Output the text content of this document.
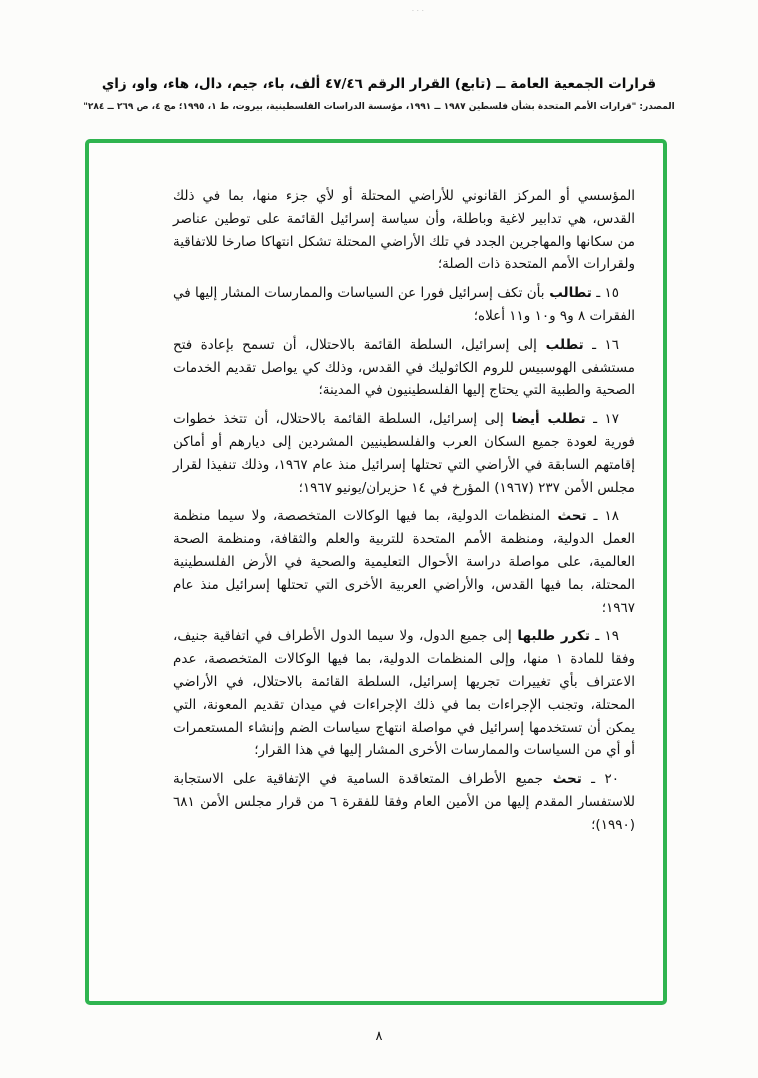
···
قرارات الجمعية العامة ــ (تابع) القرار الرقم ٤٧/٤٦ ألف، باء، جيم، دال، هاء، واو، زاي
المصدر: "قرارات الأمم المتحدة بشأن فلسطين ١٩٨٧ ــ ١٩٩١، مؤسسة الدراسات الفلسطينية، بيروت، ط ١، ١٩٩٥؛ مج ٤، ص ٢٦٩ ــ ٢٨٤"
المؤسسي أو المركز القانوني للأراضي المحتلة أو لأي جزء منها، بما في ذلك القدس، هي تدابير لاغية وباطلة، وأن سياسة إسرائيل القائمة على توطين عناصر من سكانها والمهاجرين الجدد في تلك الأراضي المحتلة تشكل انتهاكا صارخا للاتفاقية ولقرارات الأمم المتحدة ذات الصلة؛
١٥ ـ تطالب بأن تكف إسرائيل فورا عن السياسات والممارسات المشار إليها في الفقرات ٨ و٩ و١٠ و١١ أعلاه؛
١٦ ـ تطلب إلى إسرائيل، السلطة القائمة بالاحتلال، أن تسمح بإعادة فتح مستشفى الهوسبيس للروم الكاثوليك في القدس، وذلك كي يواصل تقديم الخدمات الصحية والطبية التي يحتاج إليها الفلسطينيون في المدينة؛
١٧ ـ تطلب أيضا إلى إسرائيل، السلطة القائمة بالاحتلال، أن تتخذ خطوات فورية لعودة جميع السكان العرب والفلسطينيين المشردين إلى ديارهم أو أماكن إقامتهم السابقة في الأراضي التي تحتلها إسرائيل منذ عام ١٩٦٧، وذلك تنفيذا لقرار مجلس الأمن ٢٣٧ (١٩٦٧) المؤرخ في ١٤ حزيران/يونيو ١٩٦٧؛
١٨ ـ تحث المنظمات الدولية، بما فيها الوكالات المتخصصة، ولا سيما منظمة العمل الدولية، ومنظمة الأمم المتحدة للتربية والعلم والثقافة، ومنظمة الصحة العالمية، على مواصلة دراسة الأحوال التعليمية والصحية في الأرض الفلسطينية المحتلة، بما فيها القدس، والأراضي العربية الأخرى التي تحتلها إسرائيل منذ عام ١٩٦٧؛
١٩ ـ تكرر طلبها إلى جميع الدول، ولا سيما الدول الأطراف في اتفاقية جنيف، وفقا للمادة ١ منها، وإلى المنظمات الدولية، بما فيها الوكالات المتخصصة، عدم الاعتراف بأي تغييرات تجريها إسرائيل، السلطة القائمة بالاحتلال، في الأراضي المحتلة، وتجنب الإجراءات بما في ذلك الإجراءات في ميدان تقديم المعونة، التي يمكن أن تستخدمها إسرائيل في مواصلة انتهاج سياسات الضم وإنشاء المستعمرات أو أي من السياسات والممارسات الأخرى المشار إليها في هذا القرار؛
٢٠ ـ تحث جميع الأطراف المتعاقدة السامية في الإتفاقية على الاستجابة للاستفسار المقدم إليها من الأمين العام وفقا للفقرة ٦ من قرار مجلس الأمن ٦٨١ (١٩٩٠)؛
٨
